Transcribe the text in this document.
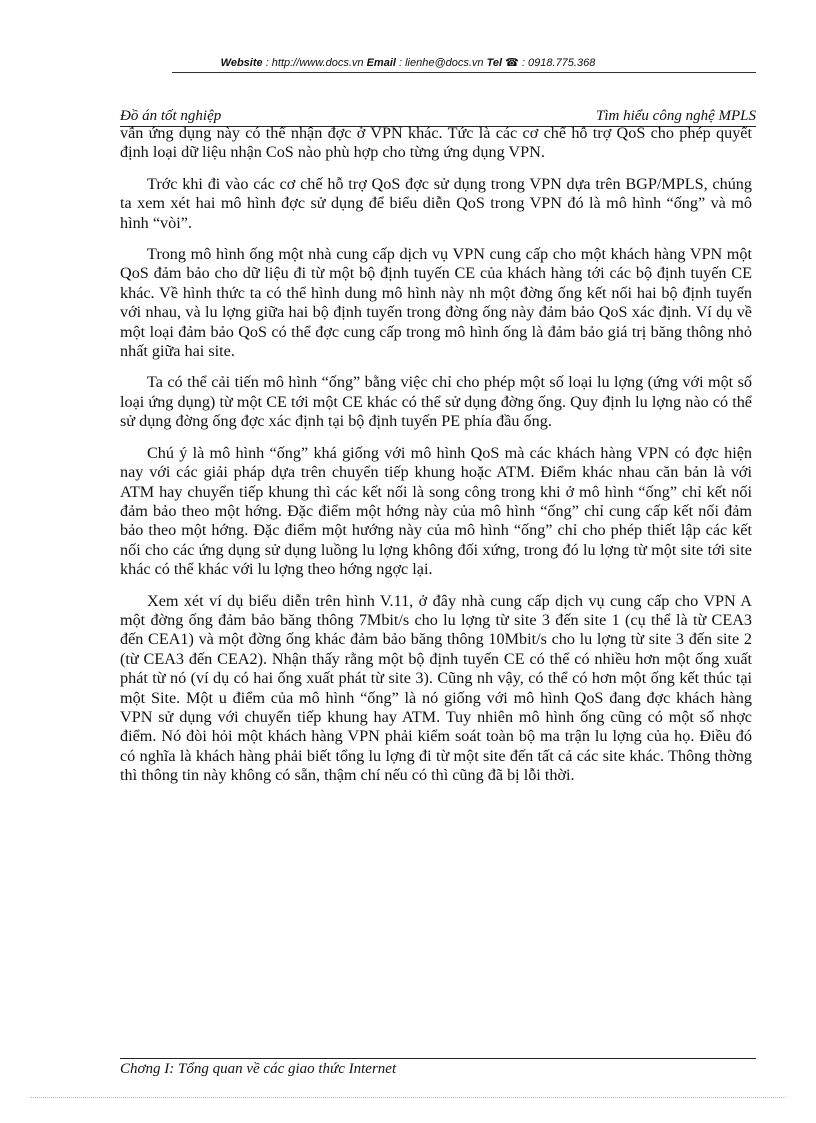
Website : http://www.docs.vn Email : lienhe@docs.vn Tel ☎ : 0918.775.368
Đồ án tốt nghiệp	Tìm hiểu công nghệ MPLS

vẫn ứng dụng này có thể nhận đợc ở VPN khác. Tức là các cơ chế hỗ trợ QoS cho phép quyết định loại dữ liệu nhận CoS nào phù hợp cho từng ứng dụng VPN.

Trớc khi đi vào các cơ chế hỗ trợ QoS đợc sử dụng trong VPN dựa trên BGP/MPLS, chúng ta xem xét hai mô hình đợc sử dụng để biểu diễn QoS trong VPN đó là mô hình “ống” và mô hình “vòi”.

Trong mô hình ống một nhà cung cấp dịch vụ VPN cung cấp cho một khách hàng VPN một QoS đảm bảo cho dữ liệu đi từ một bộ định tuyến CE của khách hàng tới các bộ định tuyến CE khác. Về hình thức ta có thể hình dung mô hình này nh một đờng ống kết nối hai bộ định tuyến với nhau, và lu lợng giữa hai bộ định tuyến trong đờng ống này đảm bảo QoS xác định. Ví dụ về một loại đảm bảo QoS có thể đợc cung cấp trong mô hình ống là đảm bảo giá trị băng thông nhỏ nhất giữa hai site.

Ta có thể cải tiến mô hình “ống” bằng việc chỉ cho phép một số loại lu lợng (ứng với một số loại ứng dụng) từ một CE tới một CE khác có thể sử dụng đờng ống. Quy định lu lợng nào có thể sử dụng đờng ống đợc xác định tại bộ định tuyến PE phía đầu ống.

Chú ý là mô hình “ống” khá giống với mô hình QoS mà các khách hàng VPN có đợc hiện nay với các giải pháp dựa trên chuyển tiếp khung hoặc ATM. Điểm khác nhau căn bản là với ATM hay chuyển tiếp khung thì các kết nối là song công trong khi ở mô hình “ống” chỉ kết nối đảm bảo theo một hớng. Đặc điểm một hớng này của mô hình “ống” chỉ cung cấp kết nối đảm bảo theo một hớng. Đặc điểm một hướng này của mô hình “ống” chỉ cho phép thiết lập các kết nối cho các ứng dụng sử dụng luồng lu lợng không đối xứng, trong đó lu lợng từ một site tới site khác có thể khác với lu lợng theo hớng ngợc lại.

Xem xét ví dụ biểu diễn trên hình V.11, ở đây nhà cung cấp dịch vụ cung cấp cho VPN A một đờng ống đảm bảo băng thông 7Mbit/s cho lu lợng từ site 3 đến site 1 (cụ thể là từ CEA3 đến CEA1) và một đờng ống khác đảm bảo băng thông 10Mbit/s cho lu lợng từ site 3 đến site 2 (từ CEA3 đến CEA2). Nhận thấy rằng một bộ định tuyến CE có thể có nhiều hơn một ống xuất phát từ nó (ví dụ có hai ống xuất phát từ site 3). Cũng nh vậy, có thể có hơn một ống kết thúc tại một Site. Một u điểm của mô hình “ống” là nó giống với mô hình QoS đang đợc khách hàng VPN sử dụng với chuyển tiếp khung hay ATM. Tuy nhiên mô hình ống cũng có một số nhợc điểm. Nó đòi hỏi một khách hàng VPN phải kiểm soát toàn bộ ma trận lu lợng của họ. Điều đó có nghĩa là khách hàng phải biết tổng lu lợng đi từ một site đến tất cả các site khác. Thông thờng thì thông tin này không có sẵn, thậm chí nếu có thì cũng đã bị lỗi thời.

Chơng I: Tổng quan về các giao thức Internet
